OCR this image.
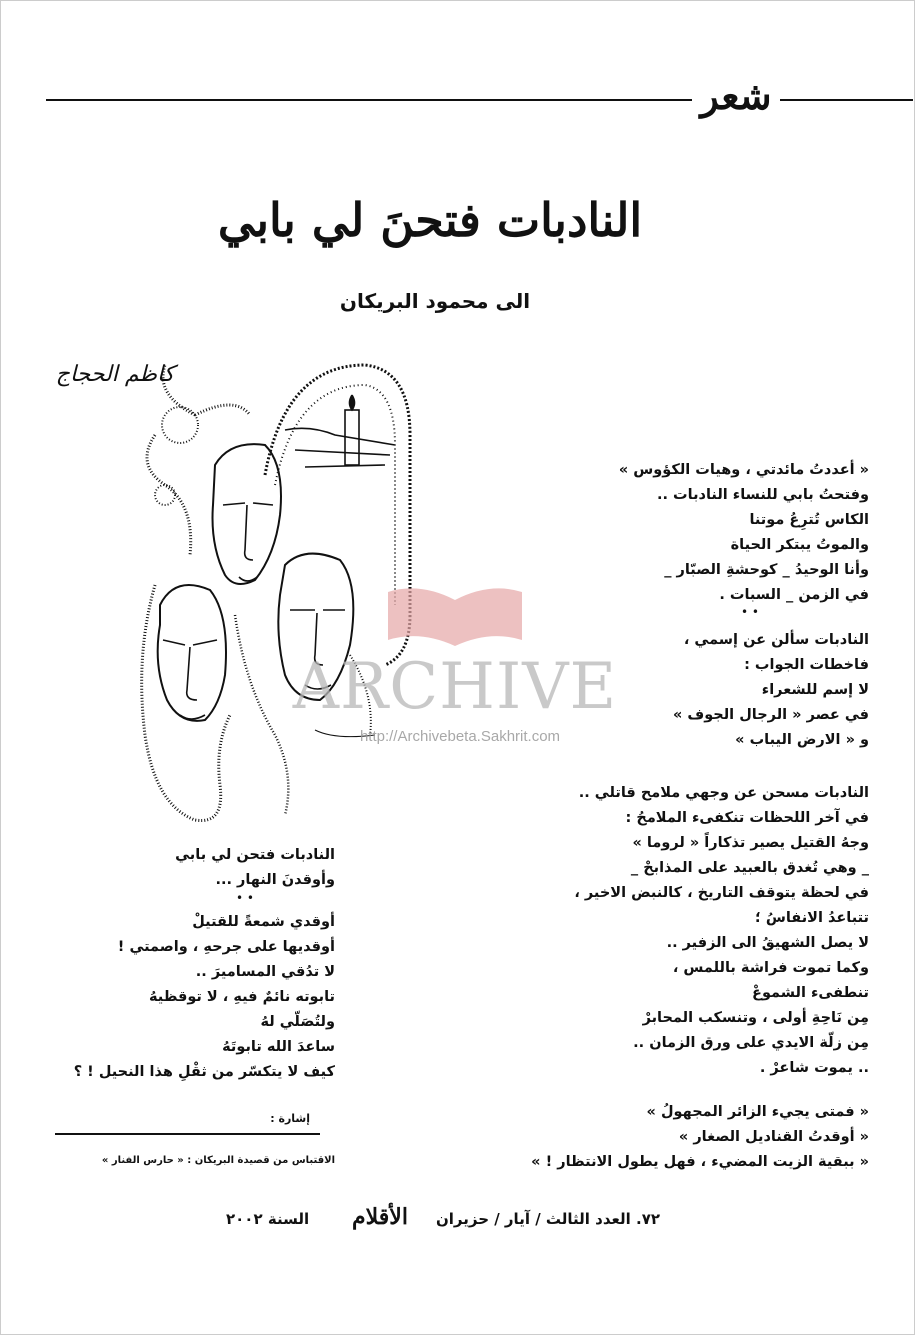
شعر
النادبات فتحنَ لي بابي
الى محمود البريكان
كاظم الحجاج
ARCHIVE
http://Archivebeta.Sakhrit.com
« أعددتُ مائدتي ، وهيات الكؤوس »
وفتحتُ بابي للنساء النادبات ..
الكاس تُترِعُ موتنا
والموتُ يبتكر الحياة
وأنا الوحيدُ _ كوحشةِ الصبّار _
في الزمن _ السبات .
• •
النادبات سألن عن إسمي ،
فاخطات الجواب :
لا إسم للشعراء
في عصر « الرجال الجوف »
و « الارض اليباب »
النادبات مسحن عن وجهي ملامح قاتلي ..
في آخر اللحظات تنكفىء الملامحُ :
وجهُ القتيل يصير تذكاراً « لروما »
_ وهي تُغدق بالعبيد على المذابحْ _
في لحظة يتوقف التاريخ ، كالنبض الاخير ،
تتباعدُ الانفاسُ ؛
لا يصل الشهيقُ الى الزفير ..
وكما تموت فراشة باللمس ،
تنطفىء الشموعْ
مِن نَاحِةِ أولى ، وتنسكب المحابرْ
مِن زلّة الايدي على ورق الزمان ..
.. يموت شاعرْ .
« فمتى يجيء الزائر المجهولُ »
« أوقدتُ القناديل الصغار »
« ببقية الزيت المضيء ، فهل يطول الانتظار ! »
النادبات فتحن لي بابي
وأوقدنَ النهار ...
• •
أوقدي شمعةً للقتيلْ
أوقديها على جرحهِ ، واصمتي !
لا تدُقي المساميرَ ..
تابوته نائمٌ فيهِ ، لا توقظيهُ
ولتُصَلّي لهُ
ساعدَ الله تابوتَهُ
كيف لا يتكسّر من ثقْلِ هذا النحيل ! ؟
إشارة :
الاقتباس من قصيدة البريكان : « حارس الفنار »
٧٢. العدد الثالث / آيار / حزيران
الأقلام
السنة ٢٠٠٢
